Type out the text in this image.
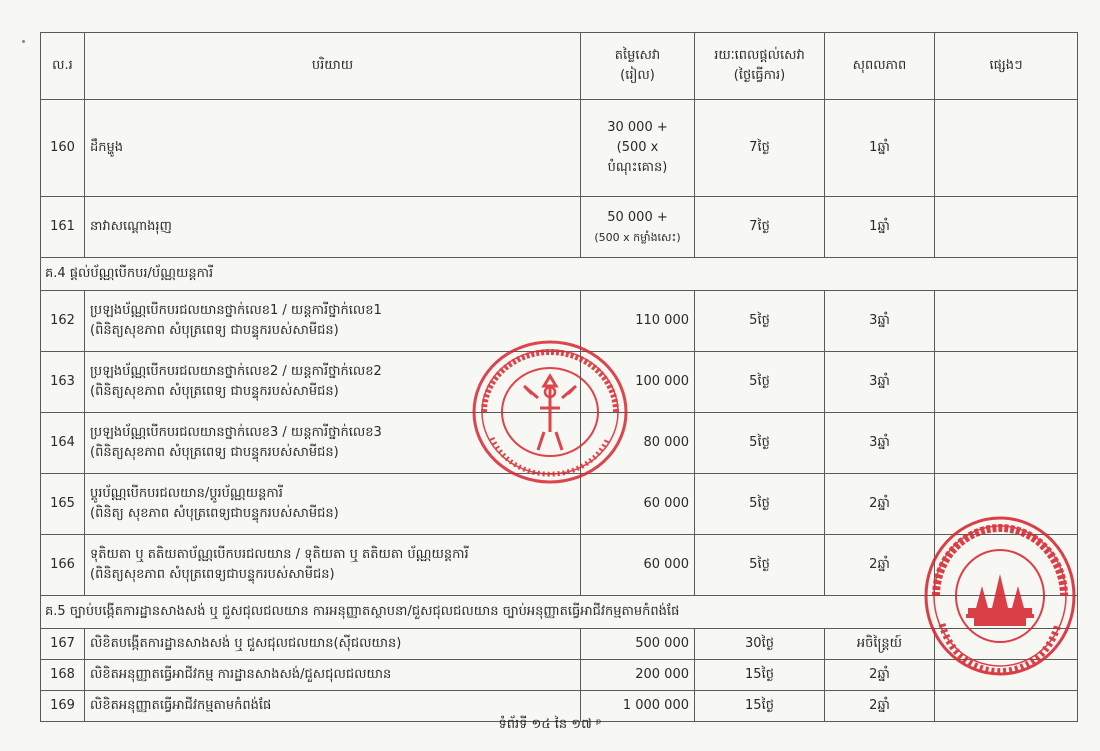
ល.រ	បរិយាយ	តម្លៃសេវា
(រៀល)	រយៈពេលផ្តល់សេវា
(ថ្ងៃធ្វើការ)	សុពលភាព	ផ្សេងៗ
160	ដឹកម្ហូង	30 000 +
(500 x
បំណុះគោន)	7ថ្ងៃ	1ឆ្នាំ	
161	នាវាសណ្តោងរុញ	50 000 +
(500 x កម្លាំងសេះ)	7ថ្ងៃ	1ឆ្នាំ	
គ.4 ផ្តល់ប័ណ្ណបើកបរ/ប័ណ្ណយន្តការី					
162	ប្រឡងប័ណ្ណបើកបរជលយានថ្នាក់លេខ1 / យន្តការីថ្នាក់លេខ1
(ពិនិត្យសុខភាព សំបុត្រពេទ្យ ជាបន្ទុករបស់សាមីជន)	110 000	5ថ្ងៃ	3ឆ្នាំ	
163	ប្រឡងប័ណ្ណបើកបរជលយានថ្នាក់លេខ2 / យន្តការីថ្នាក់លេខ2
(ពិនិត្យសុខភាព សំបុត្រពេទ្យ ជាបន្ទុករបស់សាមីជន)	100 000	5ថ្ងៃ	3ឆ្នាំ	
164	ប្រឡងប័ណ្ណបើកបរជលយានថ្នាក់លេខ3 / យន្តការីថ្នាក់លេខ3
(ពិនិត្យសុខភាព សំបុត្រពេទ្យ ជាបន្ទុករបស់សាមីជន)	80 000	5ថ្ងៃ	3ឆ្នាំ	
165	ប្តូរប័ណ្ណបើកបរជលយាន/ប្តូរប័ណ្ណយន្តការី
(ពិនិត្យ សុខភាព សំបុត្រពេទ្យជាបន្ទុករបស់សាមីជន)	60 000	5ថ្ងៃ	2ឆ្នាំ	
166	ទុតិយតា ឬ តតិយតាប័ណ្ណបើកបរជលយាន / ទុតិយតា ឬ តតិយតា ប័ណ្ណយន្តការី
(ពិនិត្យសុខភាព សំបុត្រពេទ្យជាបន្ទុករបស់សាមីជន)	60 000	5ថ្ងៃ	2ឆ្នាំ	

គ.5 ច្បាប់បង្កើតការដ្ឋានសាងសង់ ឬ ជួសជុលជលយាន ការអនុញ្ញាតស្ថាបនា/ជួសជុលជលយាន ច្បាប់អនុញ្ញាតធ្វើអាជីវកម្មតាមកំពង់ផែ					

167	លិខិតបង្កើតការដ្ឋានសាងសង់ ឬ ជួសជុលជលយាន(ស៊ីជលយាន)	500 000	30ថ្ងៃ	អចិន្ត្រៃយ៍	
168	លិខិតអនុញ្ញាតធ្វើអាជីវកម្ម ការដ្ឋានសាងសង់/ជួសជុលជលយាន	200 000	15ថ្ងៃ	2ឆ្នាំ	
169	លិខិតអនុញ្ញាតធ្វើអាជីវកម្មតាមកំពង់ផែ	1 000 000	15ថ្ងៃ	2ឆ្នាំ	
ទំព័រទី ១៤ នៃ ១៧ ᵖ
